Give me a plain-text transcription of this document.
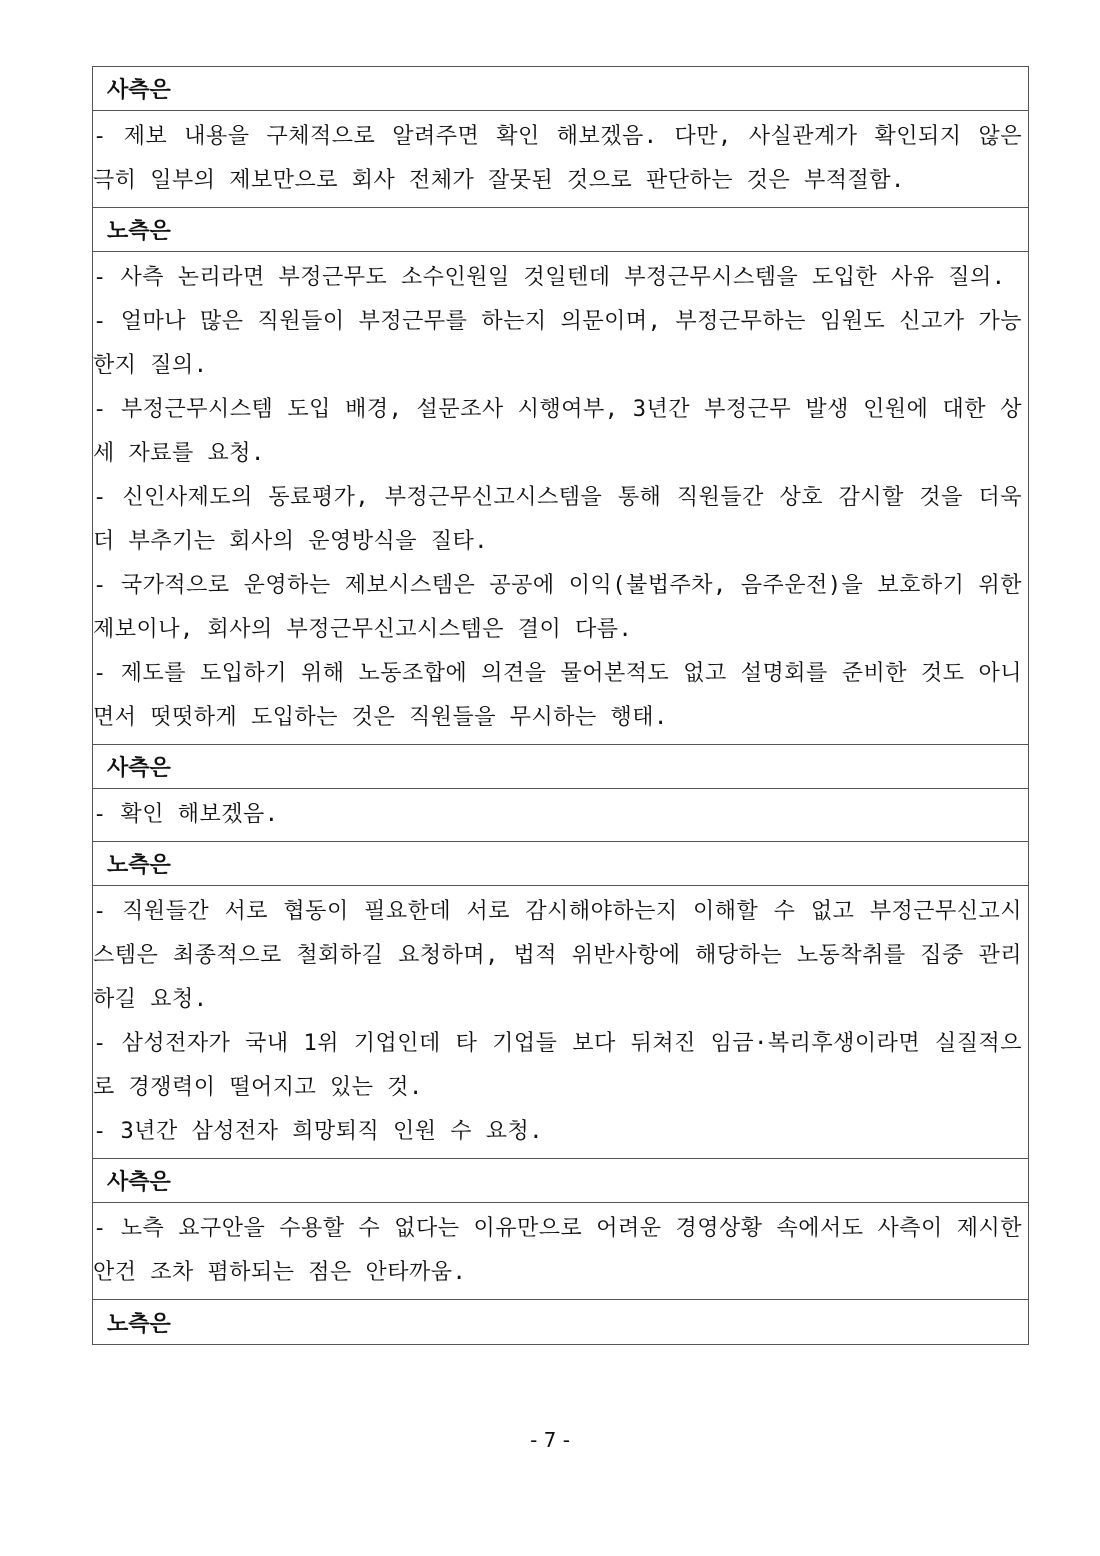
사측은

- 제보 내용을 구체적으로 알려주면 확인 해보겠음. 다만, 사실관계가 확인되지 않은 극히 일부의 제보만으로 회사 전체가 잘못된 것으로 판단하는 것은 부적절함.

노측은

- 사측 논리라면 부정근무도 소수인원일 것일텐데 부정근무시스템을 도입한 사유 질의.

- 얼마나 많은 직원들이 부정근무를 하는지 의문이며, 부정근무하는 임원도 신고가 가능한지 질의.

- 부정근무시스템 도입 배경, 설문조사 시행여부, 3년간 부정근무 발생 인원에 대한 상세 자료를 요청.

- 신인사제도의 동료평가, 부정근무신고시스템을 통해 직원들간 상호 감시할 것을 더욱 더 부추기는 회사의 운영방식을 질타.

- 국가적으로 운영하는 제보시스템은 공공에 이익(불법주차, 음주운전)을 보호하기 위한 제보이나, 회사의 부정근무신고시스템은 결이 다름.

- 제도를 도입하기 위해 노동조합에 의견을 물어본적도 없고 설명회를 준비한 것도 아니면서 떳떳하게 도입하는 것은 직원들을 무시하는 행태.

사측은

- 확인 해보겠음.

노측은

- 직원들간 서로 협동이 필요한데 서로 감시해야하는지 이해할 수 없고 부정근무신고시스템은 최종적으로 철회하길 요청하며, 법적 위반사항에 해당하는 노동착취를 집중 관리하길 요청.

- 삼성전자가 국내 1위 기업인데 타 기업들 보다 뒤쳐진 임금·복리후생이라면 실질적으로 경쟁력이 떨어지고 있는 것.

- 3년간 삼성전자 희망퇴직 인원 수 요청.

사측은

- 노측 요구안을 수용할 수 없다는 이유만으로 어려운 경영상황 속에서도 사측이 제시한 안건 조차 폄하되는 점은 안타까움.

노측은
- 7 -
